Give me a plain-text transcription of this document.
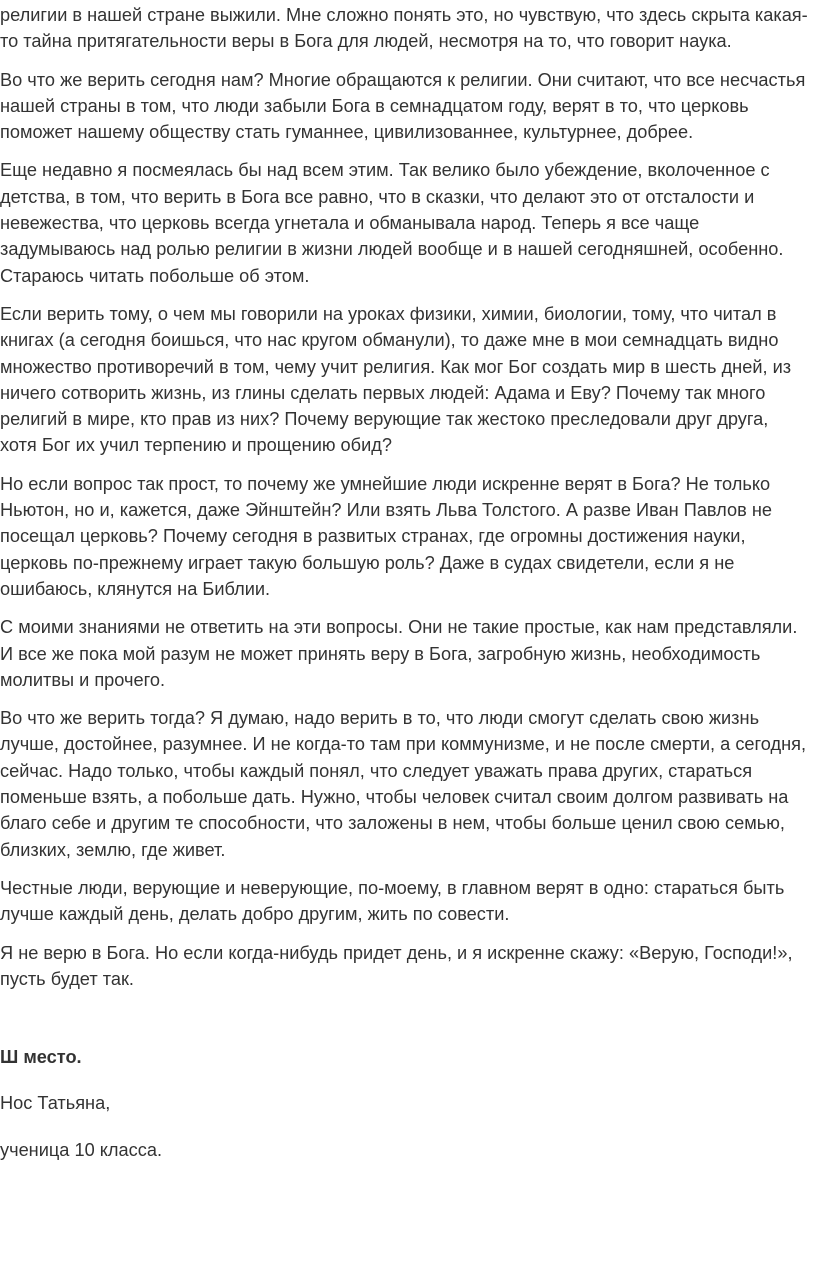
религии в нашей стране выжили. Мне сложно понять это, но чувствую, что здесь скрыта какая-то тайна притягательности веры в Бога для людей, несмотря на то, что говорит наука.

Во что же верить сегодня нам? Многие обращаются к религии. Они считают, что все несчастья нашей страны в том, что люди забыли Бога в семнадцатом году, верят в то, что церковь поможет нашему обществу стать гуманнее, цивилизованнее, культурнее, добрее.

Еще недавно я посмеялась бы над всем этим. Так велико было убеждение, вколоченное с детства, в том, что верить в Бога все равно, что в сказки, что делают это от отсталости и невежества, что церковь всегда угнетала и обманывала народ. Теперь я все чаще задумываюсь над ролью религии в жизни людей вообще и в нашей сегодняшней, особенно. Стараюсь читать побольше об этом.

Если верить тому, о чем мы говорили на уроках физики, химии, биологии, тому, что читал в книгах (а сегодня боишься, что нас кругом обманули), то даже мне в мои семнадцать видно множество противоречий в том, чему учит религия. Как мог Бог создать мир в шесть дней, из ничего сотворить жизнь, из глины сделать первых людей: Адама и Еву? Почему так много религий в мире, кто прав из них? Почему верующие так жестоко преследовали друг друга, хотя Бог их учил терпению и прощению обид?

Но если вопрос так прост, то почему же умнейшие люди искренне верят в Бога? Не только Ньютон, но и, кажется, даже Эйнштейн? Или взять Льва Толстого. А разве Иван Павлов не посещал церковь? Почему сегодня в развитых странах, где огромны достижения науки, церковь по-прежнему играет такую большую роль? Даже в судах свидетели, если я не ошибаюсь, клянутся на Библии.

С моими знаниями не ответить на эти вопросы. Они не такие простые, как нам представляли. И все же пока мой разум не может принять веру в Бога, загробную жизнь, необходимость молитвы и прочего.

Во что же верить тогда? Я думаю, надо верить в то, что люди смогут сделать свою жизнь лучше, достойнее, разумнее. И не когда-то там при коммунизме, и не после смерти, а сегодня, сейчас. Надо только, чтобы каждый понял, что следует уважать права других, стараться поменьше взять, а побольше дать. Нужно, чтобы человек считал своим долгом развивать на благо себе и другим те способности, что заложены в нем, чтобы больше ценил свою семью, близких, землю, где живет.

Честные люди, верующие и неверующие, по-моему, в главном верят в одно: стараться быть лучше каждый день, делать добро другим, жить по совести.

Я не верю в Бога. Но если когда-нибудь придет день, и я искренне скажу: «Верую, Господи!», пусть будет так.

Ш место.

Нос Татьяна,

ученица 10 класса.
